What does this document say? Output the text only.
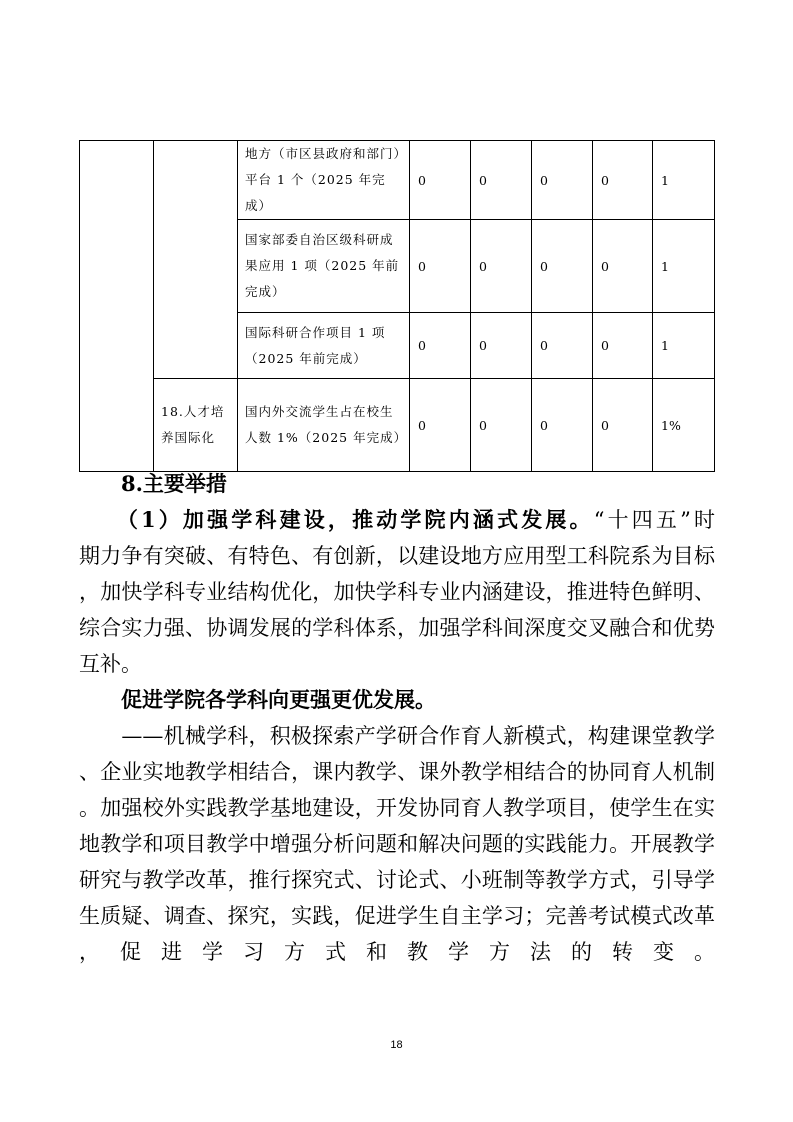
		地方（市区县政府和部门）平台 1 个（2025 年完成）	0	0	0	0	1
		国家部委自治区级科研成果应用 1 项（2025 年前完成）	0	0	0	0	1
		国际科研合作项目 1 项（2025 年前完成）	0	0	0	0	1
	18.人才培养国际化	国内外交流学生占在校生人数 1%（2025 年完成）	0	0	0	0	1%
8.主要举措
　　（1）加强学科建设，推动学院内涵式发展。“十四五”时
期力争有突破、有特色、有创新，以建设地方应用型工科院系为目标
，加快学科专业结构优化，加快学科专业内涵建设，推进特色鲜明、
综合实力强、协调发展的学科体系，加强学科间深度交叉融合和优势
互补。
促进学院各学科向更强更优发展。
　　——机械学科，积极探索产学研合作育人新模式，构建课堂教学
、企业实地教学相结合，课内教学、课外教学相结合的协同育人机制
。加强校外实践教学基地建设，开发协同育人教学项目，使学生在实
地教学和项目教学中增强分析问题和解决问题的实践能力。开展教学
研究与教学改革，推行探究式、讨论式、小班制等教学方式，引导学
生质疑、调查、探究，实践，促进学生自主学习；完善考试模式改革
，促进学习方式和教学方法的转变。
18
